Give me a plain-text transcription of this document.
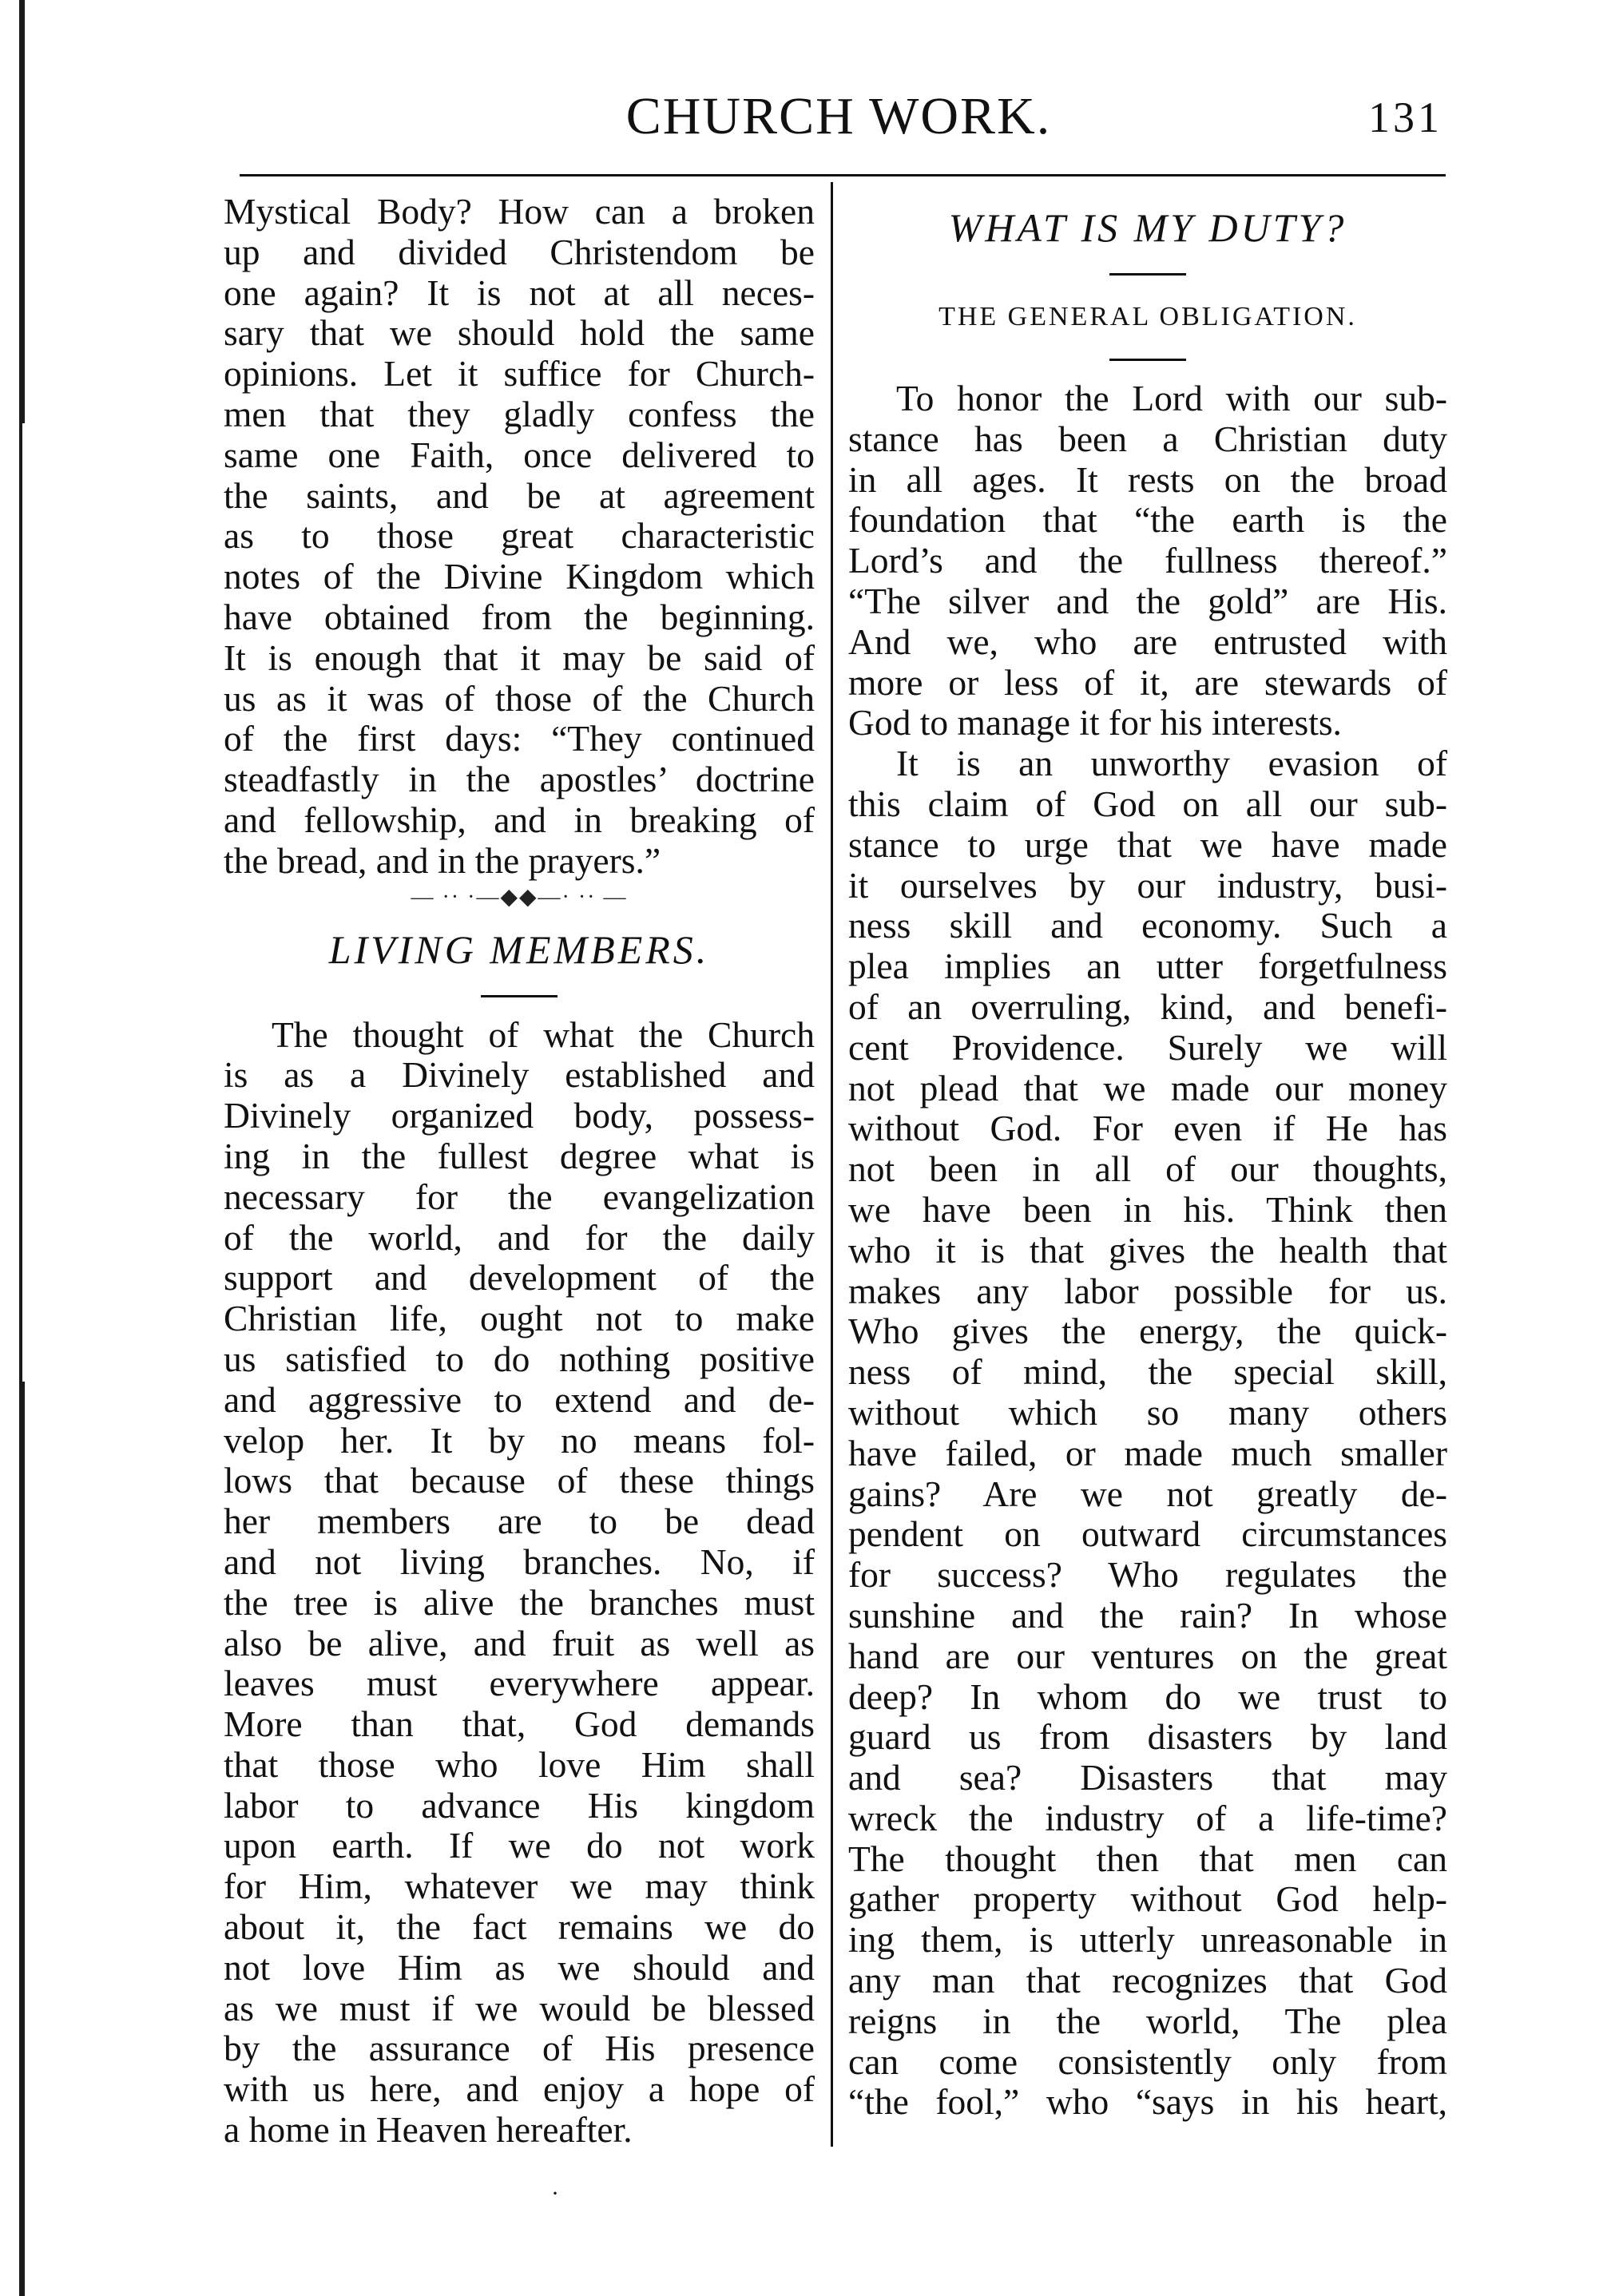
CHURCH WORK.	131
Mystical Body? How can a broken
up and divided Christendom be
one again? It is not at all neces-
sary that we should hold the same
opinions. Let it suffice for Church-
men that they gladly confess the
same one Faith, once delivered to
the saints, and be at agreement
as to those great characteristic
notes of the Divine Kingdom which
have obtained from the beginning.
It is enough that it may be said of
us as it was of those of the Church
of the first days: “They continued
steadfastly in the apostles’ doctrine
and fellowship, and in breaking of
the bread, and in the prayers.”
— ·· ·—◆◆—· ·· —
LIVING MEMBERS.
The thought of what the Church
is as a Divinely established and
Divinely organized body, possess-
ing in the fullest degree what is
necessary for the evangelization
of the world, and for the daily
support and development of the
Christian life, ought not to make
us satisfied to do nothing positive
and aggressive to extend and de-
velop her. It by no means fol-
lows that because of these things
her members are to be dead
and not living branches. No, if
the tree is alive the branches must
also be alive, and fruit as well as
leaves must everywhere appear.
More than that, God demands
that those who love Him shall
labor to advance His kingdom
upon earth. If we do not work
for Him, whatever we may think
about it, the fact remains we do
not love Him as we should and
as we must if we would be blessed
by the assurance of His presence
with us here, and enjoy a hope of
a home in Heaven hereafter.
WHAT IS MY DUTY?
THE GENERAL OBLIGATION.
To honor the Lord with our sub-
stance has been a Christian duty
in all ages. It rests on the broad
foundation that “the earth is the
Lord’s and the fullness thereof.”
“The silver and the gold” are His.
And we, who are entrusted with
more or less of it, are stewards of
God to manage it for his interests.
It is an unworthy evasion of
this claim of God on all our sub-
stance to urge that we have made
it ourselves by our industry, busi-
ness skill and economy. Such a
plea implies an utter forgetfulness
of an overruling, kind, and benefi-
cent Providence. Surely we will
not plead that we made our money
without God. For even if He has
not been in all of our thoughts,
we have been in his. Think then
who it is that gives the health that
makes any labor possible for us.
Who gives the energy, the quick-
ness of mind, the special skill,
without which so many others
have failed, or made much smaller
gains? Are we not greatly de-
pendent on outward circumstances
for success? Who regulates the
sunshine and the rain? In whose
hand are our ventures on the great
deep? In whom do we trust to
guard us from disasters by land
and sea? Disasters that may
wreck the industry of a life-time?
The thought then that men can
gather property without God help-
ing them, is utterly unreasonable in
any man that recognizes that God
reigns in the world, The plea
can come consistently only from
“the fool,” who “says in his heart,
·
